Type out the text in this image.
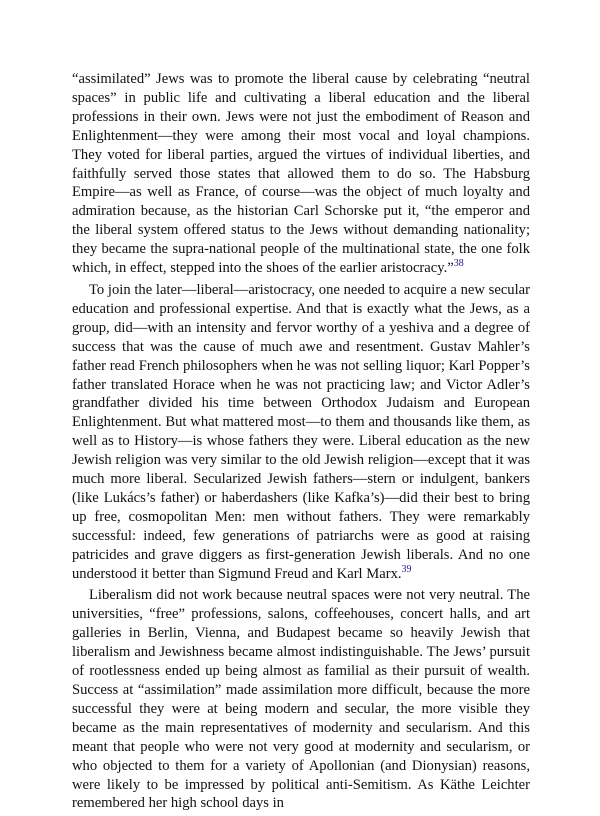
“assimilated” Jews was to promote the liberal cause by celebrating “neutral spaces” in public life and cultivating a liberal education and the liberal professions in their own. Jews were not just the embodiment of Reason and Enlightenment—they were among their most vocal and loyal champions. They voted for liberal parties, argued the virtues of individual liberties, and faithfully served those states that allowed them to do so. The Habsburg Empire—as well as France, of course—was the object of much loyalty and admiration because, as the historian Carl Schorske put it, “the emperor and the liberal system offered status to the Jews without demanding nationality; they became the supra-national people of the multinational state, the one folk which, in effect, stepped into the shoes of the earlier aristocracy.”$^{38}$

To join the later—liberal—aristocracy, one needed to acquire a new secular education and professional expertise. And that is exactly what the Jews, as a group, did—with an intensity and fervor worthy of a yeshiva and a degree of success that was the cause of much awe and resentment. Gustav Mahler’s father read French philosophers when he was not selling liquor; Karl Popper’s father translated Horace when he was not practicing law; and Victor Adler’s grandfather divided his time between Orthodox Judaism and European Enlightenment. But what mattered most—to them and thousands like them, as well as to History—is whose fathers they were. Liberal education as the new Jewish religion was very similar to the old Jewish religion—except that it was much more liberal. Secularized Jewish fathers—stern or indulgent, bankers (like Lukács’s father) or haberdashers (like Kafka’s)—did their best to bring up free, cosmopolitan Men: men without fathers. They were remarkably successful: indeed, few generations of patriarchs were as good at raising patricides and grave diggers as first-generation Jewish liberals. And no one understood it better than Sigmund Freud and Karl Marx.$^{39}$

Liberalism did not work because neutral spaces were not very neutral. The universities, “free” professions, salons, coffeehouses, concert halls, and art galleries in Berlin, Vienna, and Budapest became so heavily Jewish that liberalism and Jewishness became almost indistinguishable. The Jews’ pursuit of rootlessness ended up being almost as familial as their pursuit of wealth. Success at “assimilation” made assimilation more difficult, because the more successful they were at being modern and secular, the more visible they became as the main representatives of modernity and secularism. And this meant that people who were not very good at modernity and secularism, or who objected to them for a variety of Apollonian (and Dionysian) reasons, were likely to be impressed by political anti-Semitism. As Käthe Leichter remembered her high school days in
